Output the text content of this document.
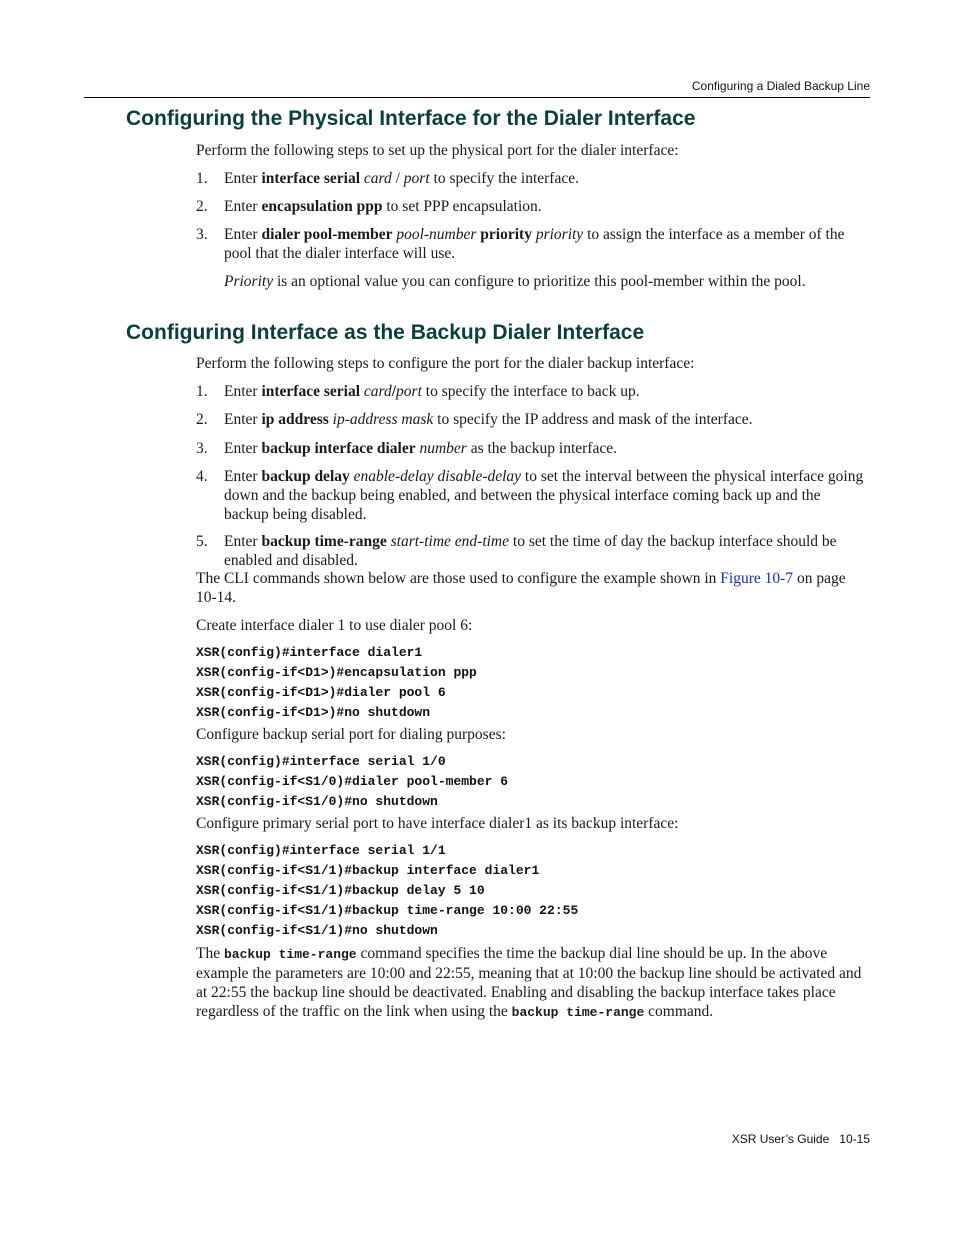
Configuring a Dialed Backup Line
Configuring the Physical Interface for the Dialer Interface
Perform the following steps to set up the physical port for the dialer interface:
1. Enter interface serial card / port to specify the interface.
2. Enter encapsulation ppp to set PPP encapsulation.
3. Enter dialer pool-member pool-number priority priority to assign the interface as a member of the pool that the dialer interface will use.
Priority is an optional value you can configure to prioritize this pool-member within the pool.
Configuring Interface as the Backup Dialer Interface
Perform the following steps to configure the port for the dialer backup interface:
1. Enter interface serial card/port to specify the interface to back up.
2. Enter ip address ip-address mask to specify the IP address and mask of the interface.
3. Enter backup interface dialer number as the backup interface.
4. Enter backup delay enable-delay disable-delay to set the interval between the physical interface going down and the backup being enabled, and between the physical interface coming back up and the backup being disabled.
5. Enter backup time-range start-time end-time to set the time of day the backup interface should be enabled and disabled.
The CLI commands shown below are those used to configure the example shown in Figure 10-7 on page 10-14.
Create interface dialer 1 to use dialer pool 6:
XSR(config)#interface dialer1
XSR(config-if<D1>)#encapsulation ppp
XSR(config-if<D1>)#dialer pool 6
XSR(config-if<D1>)#no shutdown
Configure backup serial port for dialing purposes:
XSR(config)#interface serial 1/0
XSR(config-if<S1/0)#dialer pool-member 6
XSR(config-if<S1/0)#no shutdown
Configure primary serial port to have interface dialer1 as its backup interface:
XSR(config)#interface serial 1/1
XSR(config-if<S1/1)#backup interface dialer1
XSR(config-if<S1/1)#backup delay 5 10
XSR(config-if<S1/1)#backup time-range 10:00 22:55
XSR(config-if<S1/1)#no shutdown
The backup time-range command specifies the time the backup dial line should be up. In the above example the parameters are 10:00 and 22:55, meaning that at 10:00 the backup line should be activated and at 22:55 the backup line should be deactivated. Enabling and disabling the backup interface takes place regardless of the traffic on the link when using the backup time-range command.
XSR User’s Guide 10-15
